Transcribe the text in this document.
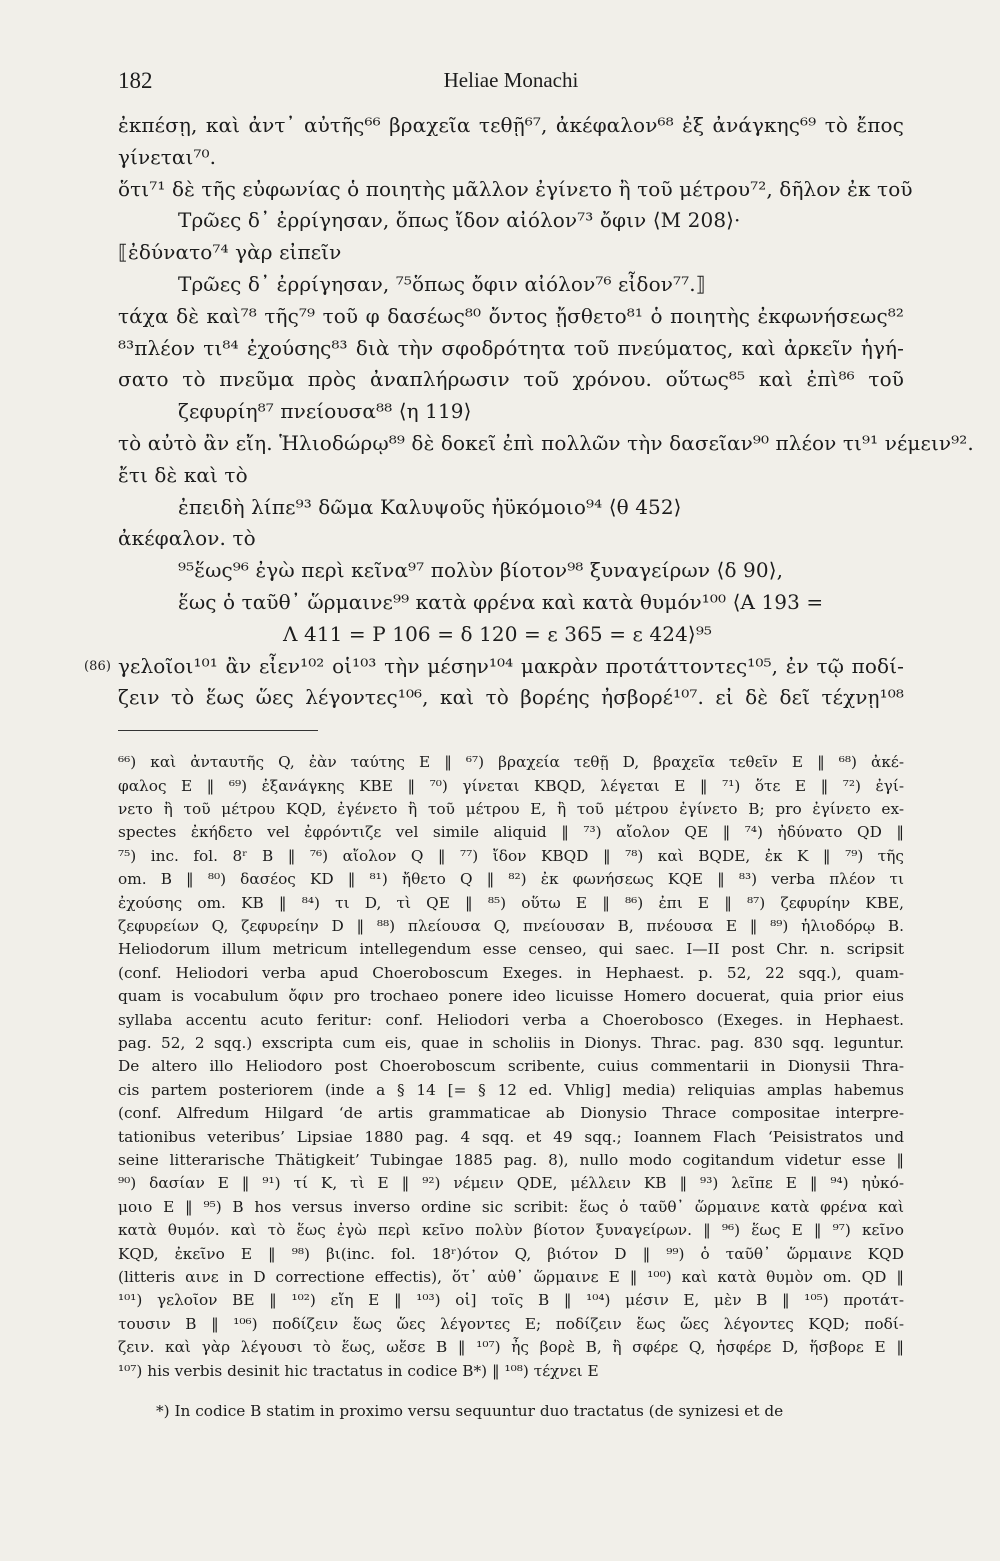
182	Heliae Monachi
ἐκπέσῃ, καὶ ἀντ᾽ αὐτῆς⁶⁶ βραχεῖα τεθῇ⁶⁷, ἀκέφαλον⁶⁸ ἐξ ἀνάγκης⁶⁹ τὸ ἔπος
γίνεται⁷⁰.
ὅτι⁷¹ δὲ τῆς εὐφωνίας ὁ ποιητὴς μᾶλλον ἐγίνετο ἢ τοῦ μέτρου⁷², δῆλον ἐκ τοῦ
Τρῶες δ᾽ ἐρρίγησαν, ὅπως ἴδον αἰόλον⁷³ ὄφιν ⟨Μ 208⟩·
⟦ἐδύνατο⁷⁴ γὰρ εἰπεῖν
Τρῶες δ᾽ ἐρρίγησαν, ⁷⁵ὅπως ὄφιν αἰόλον⁷⁶ εἶδον⁷⁷.⟧
τάχα δὲ καὶ⁷⁸ τῆς⁷⁹ τοῦ φ δασέως⁸⁰ ὄντος ᾔσθετο⁸¹ ὁ ποιητὴς ἐκφωνήσεως⁸²
⁸³πλέον τι⁸⁴ ἐχούσης⁸³ διὰ τὴν σφοδρότητα τοῦ πνεύματος, καὶ ἀρκεῖν ἡγή-
σατο τὸ πνεῦμα πρὸς ἀναπλήρωσιν τοῦ χρόνου. οὕτως⁸⁵ καὶ ἐπὶ⁸⁶ τοῦ
ζεφυρίη⁸⁷ πνείουσα⁸⁸ ⟨η 119⟩
τὸ αὐτὸ ἂν εἴη. Ἡλιοδώρῳ⁸⁹ δὲ δοκεῖ ἐπὶ πολλῶν τὴν δασεῖαν⁹⁰ πλέον τι⁹¹ νέμειν⁹².
ἔτι δὲ καὶ τὸ
ἐπειδὴ λίπε⁹³ δῶμα Καλυψοῦς ἠϋκόμοιο⁹⁴ ⟨θ 452⟩
ἀκέφαλον. τὸ
⁹⁵ἕως⁹⁶ ἐγὼ περὶ κεῖνα⁹⁷ πολὺν βίοτον⁹⁸ ξυναγείρων ⟨δ 90⟩,
ἕως ὁ ταῦθ᾽ ὥρμαινε⁹⁹ κατὰ φρένα καὶ κατὰ θυμόν¹⁰⁰ ⟨Α 193 =
Λ 411 = Ρ 106 = δ 120 = ε 365 = ε 424⟩⁹⁵
(86) γελοῖοι¹⁰¹ ἂν εἶεν¹⁰² οἱ¹⁰³ τὴν μέσην¹⁰⁴ μακρὰν προτάττοντες¹⁰⁵, ἐν τῷ ποδί-
ζειν τὸ ἕως ὥες λέγοντες¹⁰⁶, καὶ τὸ βορέης ἠσβορέ¹⁰⁷. εἰ δὲ δεῖ τέχνῃ¹⁰⁸
⁶⁶) καὶ ἀνταυτῆς Q, ἐὰν ταύτης E ‖ ⁶⁷) βραχεία τεθῇ D, βραχεῖα τεθεῖν E ‖ ⁶⁸) ἀκέ-
φαλος E ‖ ⁶⁹) ἐξανάγκης KBE ‖ ⁷⁰) γίνεται KBQD, λέγεται E ‖ ⁷¹) ὅτε E ‖ ⁷²) ἐγί-
νετο ἢ τοῦ μέτρου KQD, ἐγένετο ἢ τοῦ μέτρου E, ἢ τοῦ μέτρου ἐγίνετο B; pro ἐγίνετο ex-
spectes ἐκήδετο vel ἐφρόντιζε vel simile aliquid ‖ ⁷³) αἴολον QE ‖ ⁷⁴) ἠδύνατο QD ‖
⁷⁵) inc. fol. 8ʳ B ‖ ⁷⁶) αἴολον Q ‖ ⁷⁷) ἴδον KBQD ‖ ⁷⁸) καὶ BQDE, ἐκ K ‖ ⁷⁹) τῆς
om. B ‖ ⁸⁰) δασέος KD ‖ ⁸¹) ἤθετο Q ‖ ⁸²) ἐκ φωνήσεως KQE ‖ ⁸³) verba πλέον τι
ἐχούσης om. KB ‖ ⁸⁴) τι D, τὶ QE ‖ ⁸⁵) οὕτω E ‖ ⁸⁶) ἐπι E ‖ ⁸⁷) ζεφυρίην KBE,
ζεφυρείων Q, ζεφυρείην D ‖ ⁸⁸) πλείουσα Q, πνείουσαν B, πνέουσα E ‖ ⁸⁹) ἡλιοδόρῳ B.
Heliodorum illum metricum intellegendum esse censeo, qui saec. I—II post Chr. n. scripsit
(conf. Heliodori verba apud Choeroboscum Exeges. in Hephaest. p. 52, 22 sqq.), quam-
quam is vocabulum ὄφιν pro trochaeo ponere ideo licuisse Homero docuerat, quia prior eius
syllaba accentu acuto feritur: conf. Heliodori verba a Choerobosco (Exeges. in Hephaest.
pag. 52, 2 sqq.) exscripta cum eis, quae in scholiis in Dionys. Thrac. pag. 830 sqq. leguntur.
De altero illo Heliodoro post Choeroboscum scribente, cuius commentarii in Dionysii Thra-
cis partem posteriorem (inde a § 14 [= § 12 ed. Vhlig] media) reliquias amplas habemus
(conf. Alfredum Hilgard ‘de artis grammaticae ab Dionysio Thrace compositae interpre-
tationibus veteribus’ Lipsiae 1880 pag. 4 sqq. et 49 sqq.; Ioannem Flach ‘Peisistratos und
seine litterarische Thätigkeit’ Tubingae 1885 pag. 8), nullo modo cogitandum videtur esse ‖
⁹⁰) δασίαν E ‖ ⁹¹) τί K, τὶ E ‖ ⁹²) νέμειν QDE, μέλλειν KB ‖ ⁹³) λεῖπε E ‖ ⁹⁴) ηὐκό-
μοιο E ‖ ⁹⁵) B hos versus inverso ordine sic scribit: ἕως ὁ ταῦθ᾽ ὥρμαινε κατὰ φρένα καὶ
κατὰ θυμόν. καὶ τὸ ἕως ἐγὼ περὶ κεῖνο πολὺν βίοτον ξυναγείρων. ‖ ⁹⁶) ἕως E ‖ ⁹⁷) κεῖνο
KQD, ἐκεῖνο E ‖ ⁹⁸) βι(inc. fol. 18ʳ)ότον Q, βιότον D ‖ ⁹⁹) ὁ ταῦθ᾽ ὥρμαινε KQD
(litteris αινε in D correctione effectis), ὅτ᾽ αὐθ᾽ ὥρμαινε E ‖ ¹⁰⁰) καὶ κατὰ θυμὸν om. QD ‖
¹⁰¹) γελοῖον BE ‖ ¹⁰²) εἴη E ‖ ¹⁰³) οἱ] τοῖς B ‖ ¹⁰⁴) μέσιν E, μὲν B ‖ ¹⁰⁵) προτάτ-
τουσιν B ‖ ¹⁰⁶) ποδίζειν ἕως ὥες λέγοντες E; ποδίζειν ἕως ὥες λέγοντες KQD; ποδί-
ζειν. καὶ γὰρ λέγουσι τὸ ἕως, ωἕσε B ‖ ¹⁰⁷) ἦς βορὲ B, ἢ σφέρε Q, ἠσφέρε D, ἥσβορε E ‖
¹⁰⁷) his verbis desinit hic tractatus in codice B*) ‖ ¹⁰⁸) τέχνει E
*) In codice B statim in proximo versu sequuntur duo tractatus (de synizesi et de
